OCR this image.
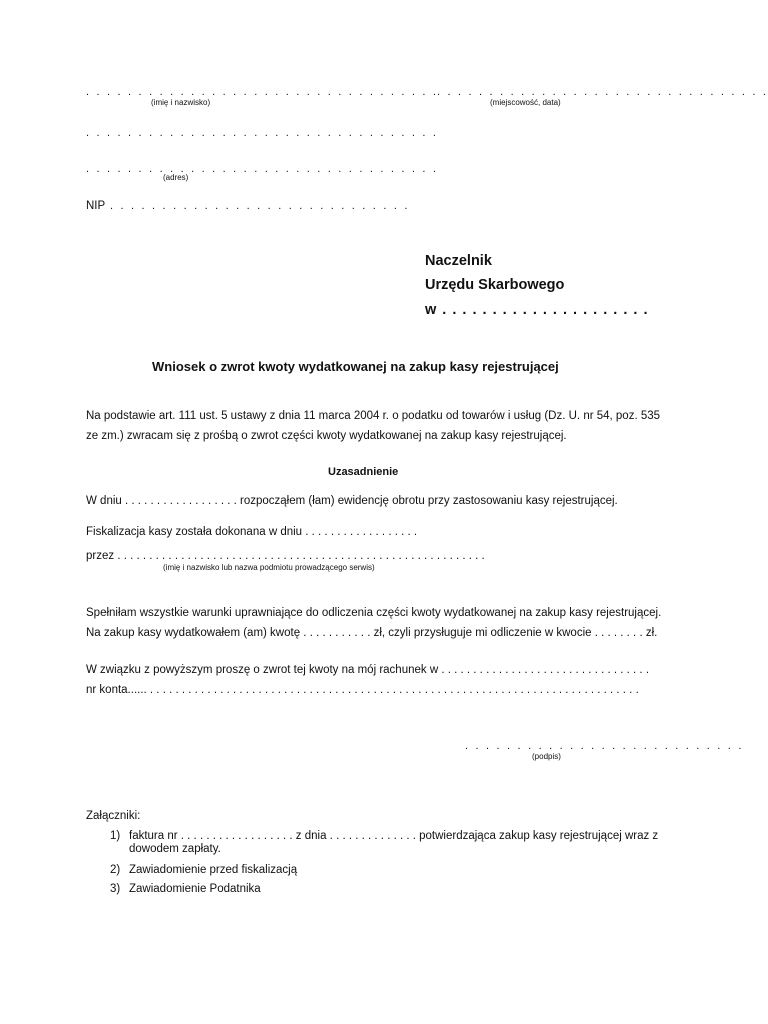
. . . . . . . . . . . . . . . . . . . . . . . . . . . . . . . . . .
(imię i nazwisko)
. . . . . . . . . . . . . . . . . . . . . . . . . . . . . . . .
(miejscowość, data)
. . . . . . . . . . . . . . . . . . . . . . . . . . . . . . . . . .
. . . . . . . . . . . . . . . . . . . . . . . . . . . . . . . . . .
(adres)
NIP . . . . . . . . . . . . . . . . . . . . . . . . . . . . .
Naczelnik
Urzędu Skarbowego
w . . . . . . . . . . . . . . . . . . . . .
Wniosek o zwrot kwoty wydatkowanej na zakup kasy rejestrującej
Na podstawie art. 111 ust. 5 ustawy z dnia 11 marca 2004 r. o podatku od towarów i usług (Dz. U. nr 54, poz. 535
ze zm.) zwracam się z prośbą o zwrot części kwoty wydatkowanej na zakup kasy rejestrującej.
Uzasadnienie
W dniu . . . . . . . . . . . . . . . . . . rozpocząłem (łam) ewidencję obrotu przy zastosowaniu kasy rejestrującej.
Fiskalizacja kasy została dokonana w dniu . . . . . . . . . . . . . . . . . .
przez . . . . . . . . . . . . . . . . . . . . . . . . . . . . . . . . . . . . . . . . . . . . . . . . . . . . . . . . . .
(imię i nazwisko lub nazwa podmiotu prowadzącego serwis)
Spełniłam wszystkie warunki uprawniające do odliczenia części kwoty wydatkowanej na zakup kasy rejestrującej.
Na zakup kasy wydatkowałem (am) kwotę . . . . . . . . . . . zł, czyli przysługuje mi odliczenie w kwocie . . . . . . . . zł.
W związku z powyższym proszę o zwrot tej kwoty na mój rachunek w . . . . . . . . . . . . . . . . . . . . . . . . . . . . . . . . .
nr konta...... . . . . . . . . . . . . . . . . . . . . . . . . . . . . . . . . . . . . . . . . . . . . . . . . . . . . . . . . . . . . . . . . . . . . . . . . . . . . .
. . . . . . . . . . . . . . . . . . . . . . . . . . .
(podpis)
Załączniki:
1) faktura nr . . . . . . . . . . . . . . . . . . z dnia . . . . . . . . . . . . . . potwierdzająca zakup kasy rejestrującej wraz z
dowodem zapłaty.
2) Zawiadomienie przed fiskalizacją
3) Zawiadomienie Podatnika
